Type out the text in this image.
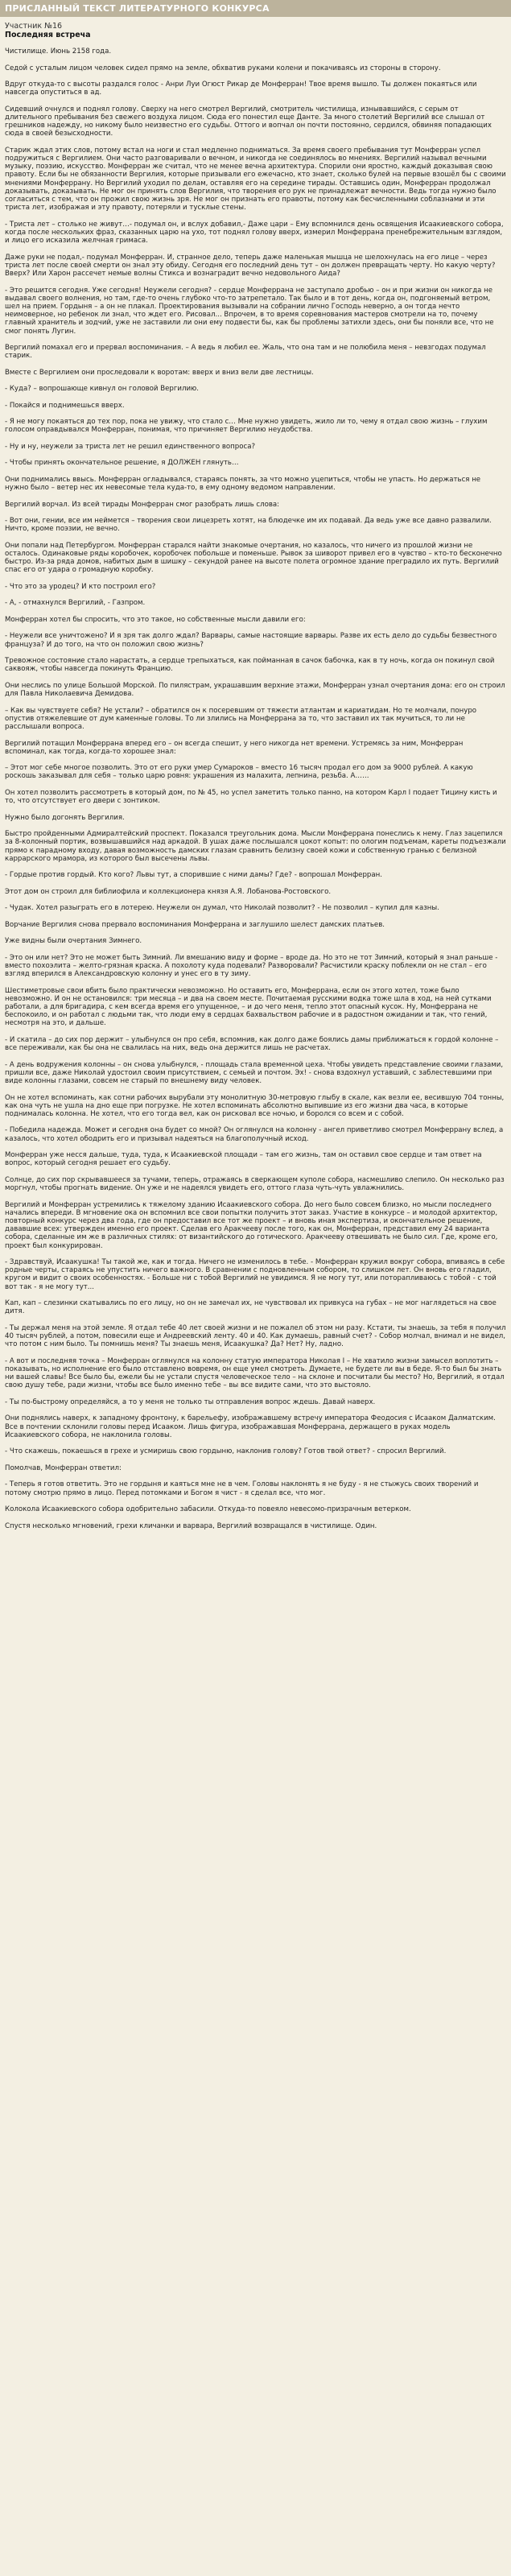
ПРИСЛАННЫЙ ТЕКСТ ЛИТЕРАТУРНОГО КОНКУРСА
Участник №16
Последняя встреча

Чистилище. Июнь 2158 года.

Седой с усталым лицом человек сидел прямо на земле, обхватив руками колени и покачиваясь из стороны в сторону.

Вдруг откуда-то с высоты раздался голос - Анри Луи Огюст Рикар де Монферран! Твое время вышло. Ты должен покаяться или навсегда опуститься в ад.

Сидевший очнулся и поднял голову. Сверху на него смотрел Вергилий, смотритель чистилища, изнывавшийся, с серым от длительного пребывания без свежего воздуха лицом. Сюда его понестил еще Данте. За много столетий Вергилий все слышал от грешников надежду, но никому было неизвестно его судьбы. Оттого и вопчал он почти постоянно, сердился, обвиняя попадающих сюда в своей безысходности.

Старик ждал этих слов, потому встал на ноги и стал медленно подниматься. За время своего пребывания тут Монферран успел подружиться с Вергилием. Они часто разговаривали о вечном, и никогда не соединялось во мнениях. Вергилий называл вечными музыку, поэзию, искусство. Монферран же считал, что не менее вечна архитектура. Спорили они яростно, каждый доказывая свою правоту. Если бы не обязанности Вергилия, которые призывали его ежечасно, кто знает, сколько булей на первые взошёл бы с своими мнениями Монферрану. Но Вергилий уходил по делам, оставляя его на середине тирады. Оставшись один, Монферран продолжал доказывать, доказывать. Не мог он принять слов Вергилия, что творения его рук не принадлежат вечности. Ведь тогда нужно было согласиться с тем, что он прожил свою жизнь зря. Не мог он признать его правоты, потому как бесчисленными соблазнами и эти триста лет, изображая и эту правоту, потеряли и тусклые стены.

- Триста лет – столько не живут…- подумал он, и вслух добавил,- Даже цари – Ему вспомнился день освящения Исаакиевского собора, когда после нескольких фраз, сказанных царю на ухо, тот поднял голову вверх, измерил Монферрана пренебрежительным взглядом, и лицо его исказила желчная гримаса.

Даже руки не подал,- подумал Монферран. И, странное дело, теперь даже маленькая мышца не шелохнулась на его лице – через триста лет после своей смерти он знал эту обиду. Сегодня его последний день тут – он должен превращать черту. Но какую черту? Вверх? Или Харон рассечет немые волны Стикса и вознаградит вечно недовольного Аида?

- Это решится сегодня. Уже сегодня! Неужели сегодня? - сердце Монферрана не заступало дробью – он и при жизни он никогда не выдавал своего волнения, но там, где-то очень глубоко что-то затрепетало. Так было и в тот день, когда он, подгоняемый ветром, шел на прием. Гордыня – а он не плакал. Проектирования вызывали на собрании лично Господь неверно, а он тогда нечто неимоверное, но ребенок ли знал, что ждет его. Рисовал... Впрочем, в то время соревнования мастеров смотрели на то, почему главный хранитель и зодчий, уже не заставили ли они ему подвести бы, как бы проблемы затихли здесь, они бы поняли все, что не смог понять Лугин.

Вергилий помахал его и прервал воспоминания. – А ведь я любил ее. Жаль, что она там и не полюбила меня – невзгодах подумал старик.

Вместе с Вергилием они проследовали к воротам: вверх и вниз вели две лестницы.

- Куда? – вопрошающе кивнул он головой Вергилию.

- Покайся и поднимешься вверх.

- Я не могу покаяться до тех пор, пока не увижу, что стало с… Мне нужно увидеть, жило ли то, чему я отдал свою жизнь – глухим голосом оправдывался Монферран, понимая, что причиняет Вергилию неудобства.

- Ну и ну, неужели за триста лет не решил единственного вопроса?

- Чтобы принять окончательное решение, я ДОЛЖЕН глянуть…

Они поднимались ввысь. Монферран огладывался, стараясь понять, за что можно уцепиться, чтобы не упасть. Но держаться не нужно было – ветер нес их невесомые тела куда-то, в ему одному ведомом направлении.

Вергилий ворчал. Из всей тирады Монферран смог разобрать лишь слова:

- Вот они, гении, все им неймется – творения свои лицезреть хотят, на блюдечке им их подавай. Да ведь уже все давно развалили. Ничто, кроме поэзии, не вечно.

Они попали над Петербургом. Монферран старался найти знакомые очертания, но казалось, что ничего из прошлой жизни не осталось. Одинаковые ряды коробочек, коробочек побольше и поменьше. Рывок за шиворот привел его в чувство – кто-то бесконечно быстро. Из-за ряда домов, набитых дым в шишку – секундой ранее на высоте полета огромное здание преградило их путь. Вергилий спас его от удара о громадную коробку.

- Что это за уродец? И кто построил его?

- А, - отмахнулся Вергилий, - Газпром.

Монферран хотел бы спросить, что это такое, но собственные мысли давили его:

- Неужели все уничтожено? И я зря так долго ждал? Варвары, самые настоящие варвары. Разве их есть дело до судьбы безвестного француза? И до того, на что он положил свою жизнь?

Тревожное состояние стало нарастать, а сердце трепыхаться, как пойманная в сачок бабочка, как в ту ночь, когда он покинул свой саквояж, чтобы навсегда покинуть Францию.

Они неслись по улице Большой Морской. По пилястрам, украшавшим верхние этажи, Монферран узнал очертания дома: его он строил для Павла Николаевича Демидова.

– Как вы чувствуете себя? Не устали? – обратился он к посеревшим от тяжести атлантам и кариатидам. Но те молчали, понуро опустив отяжелевшие от дум каменные головы. То ли злились на Монферрана за то, что заставил их так мучиться, то ли не расслышали вопроса.

Вергилий потащил Монферрана вперед его – он всегда спешит, у него никогда нет времени. Устремясь за ним, Монферран вспоминал, как тогда, когда-то хорошее знал:

– Этот мог себе многое позволить. Это от его руки умер Сумароков – вместо 16 тысяч продал его дом за 9000 рублей. А какую роскошь заказывал для себя – только царю ровня: украшения из малахита, лепнина, резьба. А……

Он хотел позволить рассмотреть в который дом, по № 45, но успел заметить только панно, на котором Карл I подает Тицину кисть и то, что отсутствует его двери с зонтиком.

Нужно было догонять Вергилия.

Быстро пройденными Адмиралтейский проспект. Показался треугольник дома. Мысли Монферрана понеслись к нему. Глаз зацепился за 8-колонный портик, возвышавшийся над аркадой. В ушах даже послышался цокот копыт: по ологим подъемам, кареты подъезжали прямо к парадному входу, давая возможность дамских глазам сравнить белизну своей кожи и собственную гранью с белизной каррарского мрамора, из которого был высечены львы.

- Гордые против гордый. Кто кого? Львы тут, а спорившие с ними дамы? Где? - вопрошал Монферран.

Этот дом он строил для библиофила и коллекционера князя А.Я. Лобанова-Ростовского.

- Чудак. Хотел разыграть его в лотерею. Неужели он думал, что Николай позволит? - Не позволил – купил для казны.

Ворчание Вергилия снова прервало воспоминания Монферрана и заглушило шелест дамских платьев.

Уже видны были очертания Зимнего.

- Это он или нет? Это не может быть Зимний. Ли вмешанию виду и форме – вроде да. Но это не тот Зимний, который я знал раньше - вместо похоэлита – желто-грязная краска. А похолоту куда подевали? Разворовали? Расчистили краску поблекли он не стал – его взгляд вперился в Александровскую колонну и унес его в ту зиму.

Шестиметровые свои вбить было практически невозможно. Но оставить его, Монферрана, если он этого хотел, тоже было невозможно. И он не остановился: три месяца – и два на своем месте. Почитаемая русскими водка тоже шла в ход, на ней сутками работали, а для бригадира, с кем всегда время его упущенное, – и до чего меня, тепло этот опасный кусок. Ну, Монферрана не беспокоило, и он работал с людьми так, что люди ему в сердцах бахвальством рабочие и в радостном ожидании и так, что гений, несмотря на это, и дальше.

- И скатила – до сих пор держит – улыбнулся он про себя, вспомнив, как долго даже боялись дамы приближаться к гордой колонне – все переживали, как бы она не свалилась на них, ведь она держится лишь не расчетах.

- А день водружения колонны – он снова улыбнулся, - площадь стала временной цеха. Чтобы увидеть представление своими глазами, пришли все, даже Николай удостоил своим присутствием, с семьей и почтом. Эх! - снова вздохнул уставший, с заблестевшими при виде колонны глазами, совсем не старый по внешнему виду человек.

Он не хотел вспоминать, как сотни рабочих вырубали эту монолитную 30-метровую глыбу в скале, как везли ее, весившую 704 тонны, как она чуть не ушла на дно еще при погрузке. Не хотел вспоминать абсолютно выпившие из его жизни два часа, в которые поднималась колонна. Не хотел, что его тогда вел, как он рисковал все ночью, и боролся со всем и с собой.

- Победила надежда. Может и сегодня она будет со мной? Он оглянулся на колонну - ангел приветливо смотрел Монферрану вслед, а казалось, что хотел ободрить его и призывал надеяться на благополучный исход.

Монферран уже несся дальше, туда, туда, к Исаакиевской площади – там его жизнь, там он оставил свое сердце и там ответ на вопрос, который сегодня решает его судьбу.

Солнце, до сих пор скрывавшееся за тучами, теперь, отражаясь в сверкающем куполе собора, насмешливо слепило. Он несколько раз моргнул, чтобы прогнать видение. Он уже и не надеялся увидеть его, оттого глаза чуть-чуть увлажнились.

Вергилий и Монферран устремились к тяжелому зданию Исаакиевского собора. До него было совсем близко, но мысли последнего начались впереди. В мгновение ока он вспомнил все свои попытки получить этот заказ. Участие в конкурсе – и молодой архитектор, повторный конкурс через два года, где он предоставил все тот же проект – и вновь иная экспертиза, и окончательное решение, дававшие всех: утвержден именно его проект. Сделав его Аракчееву после того, как он, Монферран, представил ему 24 варианта собора, сделанные им же в различных стилях: от византийского до готического. Аракчееву отвешивать не было сил. Где, кроме его, проект был конкурирован.

- Здравствуй, Исаакушка! Ты такой же, как и тогда. Ничего не изменилось в тебе. - Монферран кружил вокруг собора, впиваясь в себе родные черты, стараясь не упустить ничего важного. В сравнении с подновленным собором, то слишком лет. Он вновь его гладил, кругом и видит о своих особенностях. - Больше ни с тобой Вергилий не увидимся. Я не могу тут, или поторапливаюсь с тобой - с той вот так - я не могу тут...

Кап, кап – слезинки скатывались по его лицу, но он не замечал их, не чувствовал их привкуса на губах – не мог наглядеться на свое дитя.

- Ты держал меня на этой земле. Я отдал тебе 40 лет своей жизни и не пожалел об этом ни разу. Кстати, ты знаешь, за тебя я получил 40 тысяч рублей, а потом, повесили еще и Андреевский ленту. 40 и 40. Как думаешь, равный счет? - Собор молчал, внимал и не видел, что потом с ним было. Ты помнишь меня? Ты знаешь меня, Исаакушка? Да? Нет? Ну, ладно.

- А вот и последняя точка – Монферран оглянулся на колонну статую императора Николая I – Не хватило жизни замысел воплотить – показывать, но исполнение его было отставлено вовремя, он еще умел смотреть. Думаете, не будете ли вы в беде. Я-то был бы знать ни вашей славы! Все было бы, ежели бы не устали спустя человеческое тело – на склоне и посчитали бы место? Но, Вергилий, я отдал свою душу тебе, ради жизни, чтобы все было именно тебе – вы все видите сами, что это выстояло.

- Ты по-быстрому определяйся, а то у меня не только ты отправления вопрос ждешь. Давай наверх.

Они поднялись наверх, к западному фронтону, к барельефу, изображавшему встречу императора Феодосия с Исааком Далматским. Все в почтении склонили головы перед Исааком. Лишь фигура, изображавшая Монферрана, держащего в руках модель Исаакиевского собора, не наклонила головы.

- Что скажешь, покаешься в грехе и усмиришь свою гордыню, наклонив голову? Готов твой ответ? - спросил Вергилий.

Помолчав, Монферран ответил:

- Теперь я готов ответить. Это не гордыня и каяться мне не в чем. Головы наклонять я не буду - я не стыжусь своих творений и потому смотрю прямо в лицо. Перед потомками и Богом я чист - я сделал все, что мог.

Колокола Исаакиевского собора одобрительно забасили. Откуда-то повеяло невесомо-призрачным ветерком.

Спустя несколько мгновений, грехи кличанки и варвара, Вергилий возвращался в чистилище. Один.
